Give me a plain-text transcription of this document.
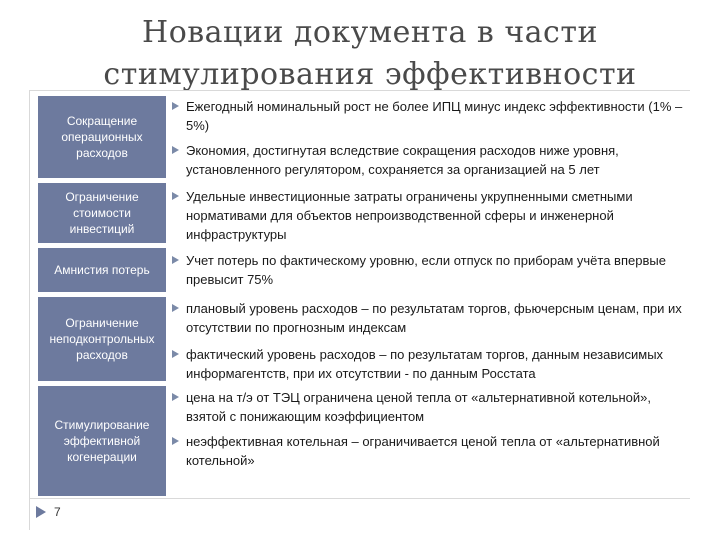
Новации документа в части стимулирования эффективности
Сокращение операционных расходов
Ежегодный номинальный рост не более ИПЦ минус индекс эффективности (1% – 5%)
Экономия, достигнутая вследствие сокращения расходов ниже уровня, установленного регулятором, сохраняется за организацией на 5 лет
Ограничение стоимости инвестиций
Удельные инвестиционные затраты ограничены укрупненными сметными нормативами для объектов непроизводственной сферы и инженерной инфраструктуры
Амнистия потерь
Учет потерь по фактическому уровню, если отпуск по приборам учёта впервые превысит 75%
Ограничение неподконтрольных расходов
плановый уровень расходов – по результатам торгов, фьючерсным ценам, при их отсутствии по прогнозным индексам
фактический уровень расходов – по результатам торгов, данным независимых информагентств, при их отсутствии - по данным Росстата
Стимулирование эффективной когенерации
цена на т/э от ТЭЦ ограничена ценой тепла от «альтернативной котельной», взятой с понижающим коэффициентом
неэффективная котельная – ограничивается ценой тепла от «альтернативной котельной»
7
